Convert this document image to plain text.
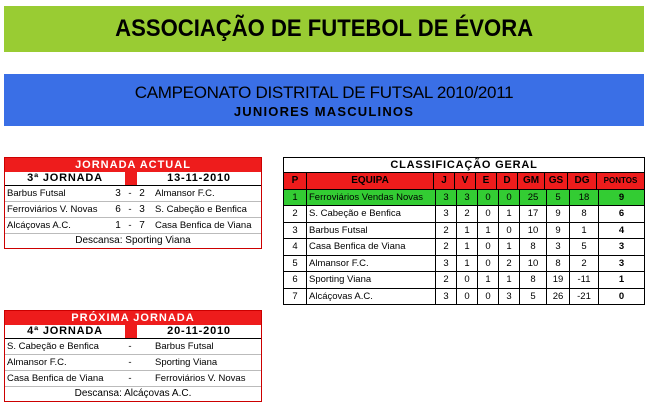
ASSOCIAÇÃO DE FUTEBOL DE ÉVORA
CAMPEONATO DISTRITAL DE FUTSAL 2010/2011
JUNIORES MASCULINOS
JORNADA ACTUAL
3ª JORNADA	13-11-2010
Barbus Futsal	3 - 2	Almansor F.C.
Ferroviários V. Novas	6 - 3	S. Cabeção e Benfica
Alcáçovas A.C.	1 - 7	Casa Benfica de Viana
Descansa: Sporting Viana
PRÓXIMA JORNADA
4ª JORNADA	20-11-2010
S. Cabeção e Benfica	-	Barbus Futsal
Almansor F.C.	-	Sporting Viana
Casa Benfica de Viana	-	Ferroviários V. Novas
Descansa: Alcáçovas A.C.
CLASSIFICAÇÃO GERAL
P	EQUIPA	J	V	E	D	GM GS	DG	PONTOS
1	Ferroviários Vendas Novas	3	3	0	0	25	5	18	9
2	S. Cabeção e Benfica	3	2	0	1	17	9	8	6
3	Barbus Futsal	2	1	1	0	10	9	1	4
4	Casa Benfica de Viana	2	1	0	1	8	3	5	3
5	Almansor F.C.	3	1	0	2	10	8	2	3
6	Sporting Viana	2	0	1	1	8	19	-11	1
7	Alcáçovas A.C.	3	0	0	3	5	26	-21	0
